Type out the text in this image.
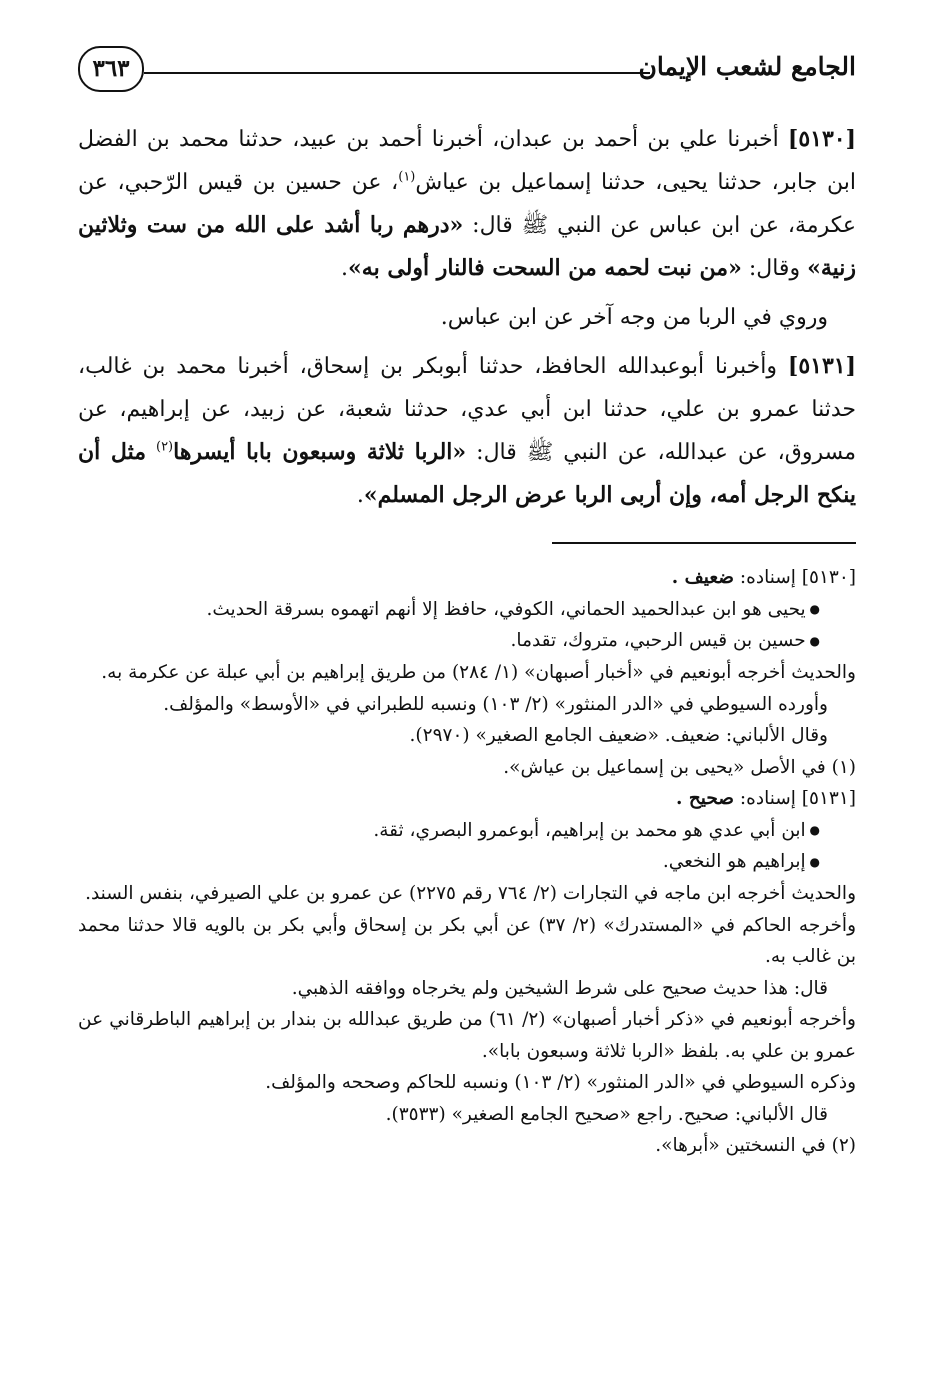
الجامع لشعب الإيمان
٣٦٣

[٥١٣٠] أخبرنا علي بن أحمد بن عبدان، أخبرنا أحمد بن عبيد، حدثنا محمد بن الفضل ابن جابر، حدثنا يحيى، حدثنا إسماعيل بن عياش$^{(١)}$، عن حسين بن قيس الرّحبي، عن عكرمة، عن ابن عباس عن النبي ﷺ قال: «درهم ربا أشد على الله من ست وثلاثين زنية» وقال: «من نبت لحمه من السحت فالنار أولى به».

وروي في الربا من وجه آخر عن ابن عباس.

[٥١٣١] وأخبرنا أبوعبدالله الحافظ، حدثنا أبوبكر بن إسحاق، أخبرنا محمد بن غالب، حدثنا عمرو بن علي، حدثنا ابن أبي عدي، حدثنا شعبة، عن زبيد، عن إبراهيم، عن مسروق، عن عبدالله، عن النبي ﷺ قال: «الربا ثلاثة وسبعون بابا أيسرها$^{(٢)}$ مثل أن ينكح الرجل أمه، وإن أربى الربا عرض الرجل المسلم».

[٥١٣٠] إسناده: ضعيف .

● يحيى هو ابن عبدالحميد الحماني، الكوفي، حافظ إلا أنهم اتهموه بسرقة الحديث.

● حسين بن قيس الرحبي، متروك، تقدما.

والحديث أخرجه أبونعيم في «أخبار أصبهان» (١/ ٢٨٤) من طريق إبراهيم بن أبي عبلة عن عكرمة به.

وأورده السيوطي في «الدر المنثور» (٢/ ١٠٣) ونسبه للطبراني في «الأوسط» والمؤلف.

وقال الألباني: ضعيف. «ضعيف الجامع الصغير» (٢٩٧٠).

(١) في الأصل «يحيى بن إسماعيل بن عياش».

[٥١٣١] إسناده: صحيح .

● ابن أبي عدي هو محمد بن إبراهيم، أبوعمرو البصري، ثقة.

● إبراهيم هو النخعي.

والحديث أخرجه ابن ماجه في التجارات (٢/ ٧٦٤ رقم ٢٢٧٥) عن عمرو بن علي الصيرفي، بنفس السند.

وأخرجه الحاكم في «المستدرك» (٢/ ٣٧) عن أبي بكر بن إسحاق وأبي بكر بن بالويه قالا حدثنا محمد بن غالب به.

قال: هذا حديث صحيح على شرط الشيخين ولم يخرجاه ووافقه الذهبي.

وأخرجه أبونعيم في «ذكر أخبار أصبهان» (٢/ ٦١) من طريق عبدالله بن بندار بن إبراهيم الباطرقاني عن عمرو بن علي به. بلفظ «الربا ثلاثة وسبعون بابا».

وذكره السيوطي في «الدر المنثور» (٢/ ١٠٣) ونسبه للحاكم وصححه والمؤلف.

قال الألباني: صحيح. راجع «صحيح الجامع الصغير» (٣٥٣٣).

(٢) في النسختين «أبرها».
